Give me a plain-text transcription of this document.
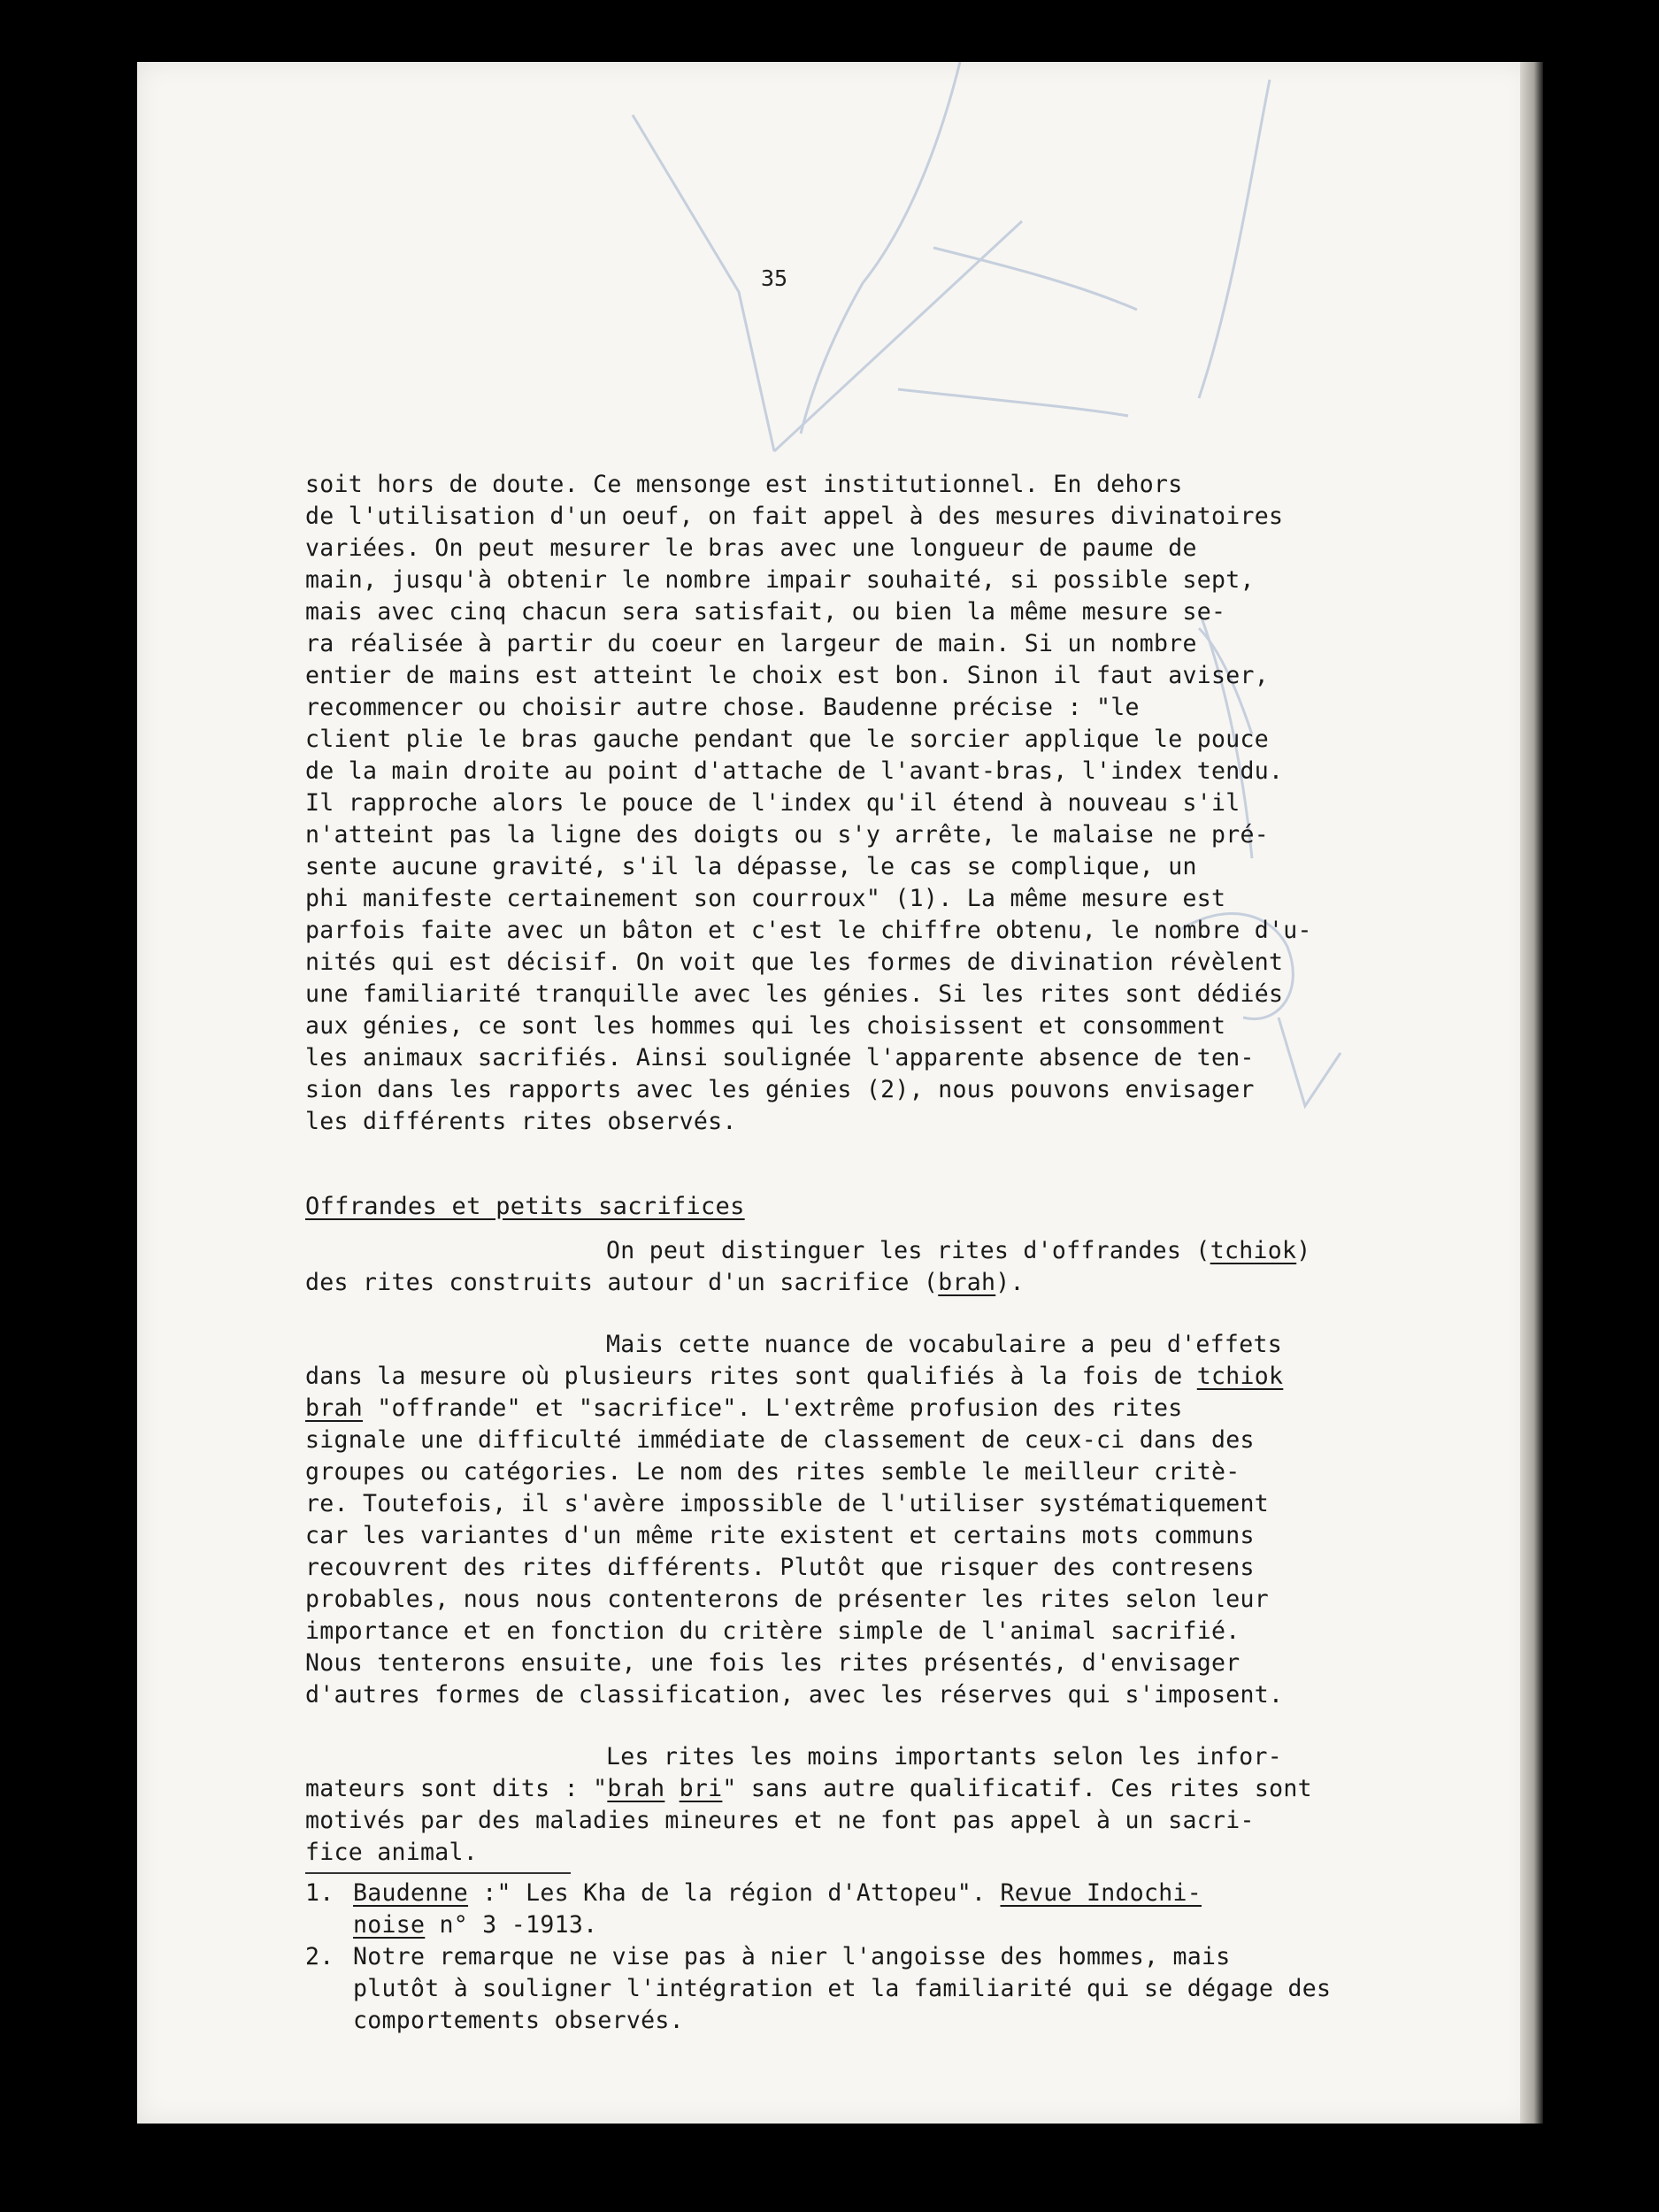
35

soit hors de doute. Ce mensonge est institutionnel. En dehors
de l'utilisation d'un oeuf, on fait appel à des mesures divinatoires
variées. On peut mesurer le bras avec une longueur de paume de
main, jusqu'à obtenir le nombre impair souhaité, si possible sept,
mais avec cinq chacun sera satisfait, ou bien la même mesure se-
ra réalisée à partir du coeur en largeur de main. Si un nombre
entier de mains est atteint le choix est bon. Sinon il faut aviser,
recommencer ou choisir autre chose. Baudenne précise : "le
client plie le bras gauche pendant que le sorcier applique le pouce
de la main droite au point d'attache de l'avant-bras, l'index tendu.
Il rapproche alors le pouce de l'index qu'il étend à nouveau s'il
n'atteint pas la ligne des doigts ou s'y arrête, le malaise ne pré-
sente aucune gravité, s'il la dépasse, le cas se complique, un
phi manifeste certainement son courroux" (1). La même mesure est
parfois faite avec un bâton et c'est le chiffre obtenu, le nombre d'u-
nités qui est décisif. On voit que les formes de divination révèlent
une familiarité tranquille avec les génies. Si les rites sont dédiés
aux génies, ce sont les hommes qui les choisissent et consomment
les animaux sacrifiés. Ainsi soulignée l'apparente absence de ten-
sion dans les rapports avec les génies (2), nous pouvons envisager
les différents rites observés.

Offrandes et petits sacrifices

On peut distinguer les rites d'offrandes (tchiok)
des rites construits autour d'un sacrifice (brah).

Mais cette nuance de vocabulaire a peu d'effets
dans la mesure où plusieurs rites sont qualifiés à la fois de tchiok
brah "offrande" et "sacrifice". L'extrême profusion des rites
signale une difficulté immédiate de classement de ceux-ci dans des
groupes ou catégories. Le nom des rites semble le meilleur critè-
re. Toutefois, il s'avère impossible de l'utiliser systématiquement
car les variantes d'un même rite existent et certains mots communs
recouvrent des rites différents. Plutôt que risquer des contresens
probables, nous nous contenterons de présenter les rites selon leur
importance et en fonction du critère simple de l'animal sacrifié.
Nous tenterons ensuite, une fois les rites présentés, d'envisager
d'autres formes de classification, avec les réserves qui s'imposent.

Les rites les moins importants selon les infor-
mateurs sont dits : "brah bri" sans autre qualificatif. Ces rites sont
motivés par des maladies mineures et ne font pas appel à un sacri-
fice animal.

1. Baudenne :" Les Kha de la région d'Attopeu". Revue Indochi-
noise n° 3 -1913.
2. Notre remarque ne vise pas à nier l'angoisse des hommes, mais
plutôt à souligner l'intégration et la familiarité qui se dégage des
comportements observés.
